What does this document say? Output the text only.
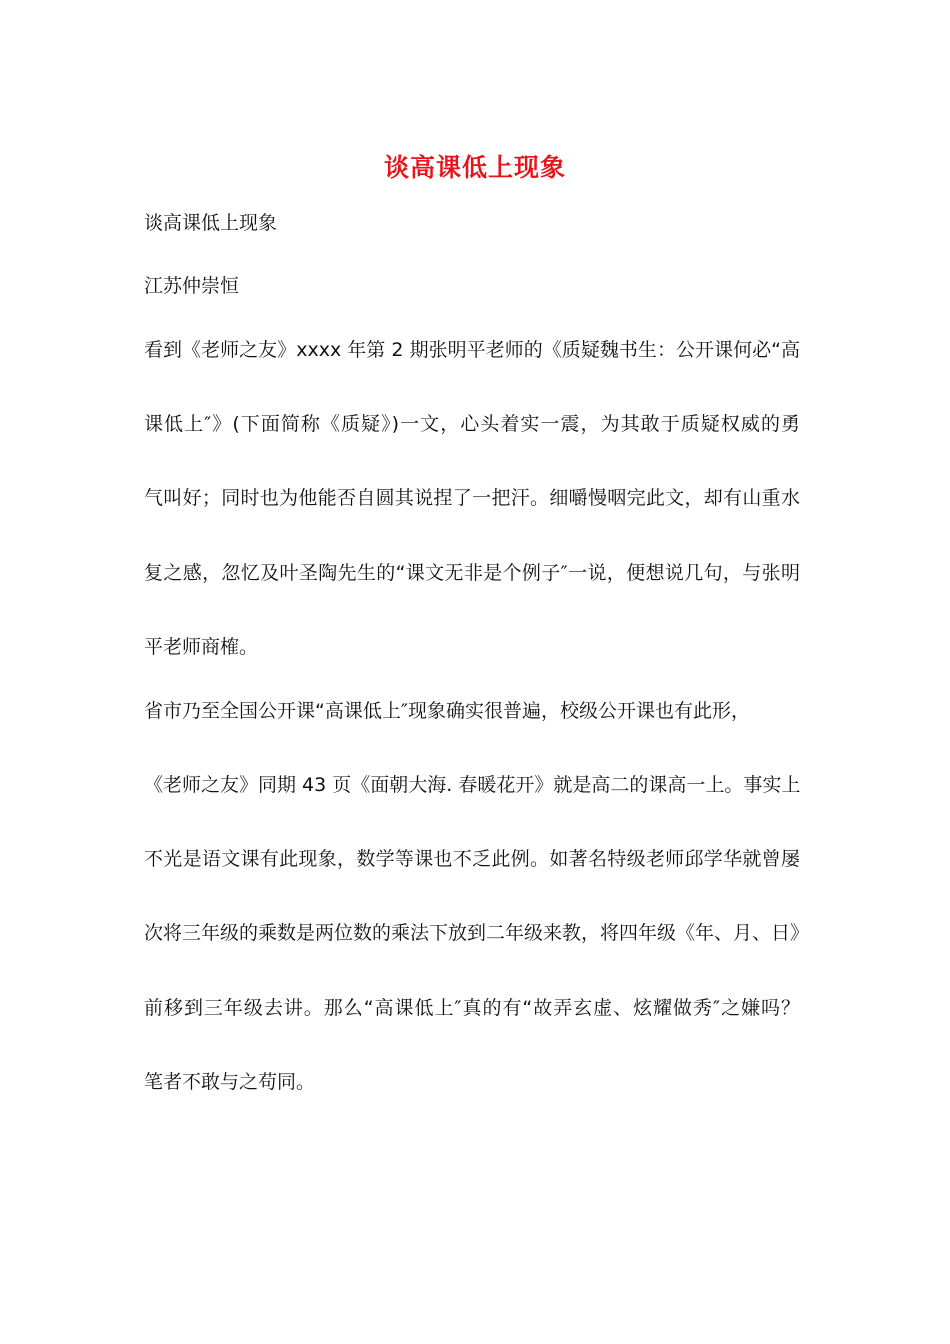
谈高课低上现象
谈高课低上现象
江苏仲崇恒
看到《老师之友》xxxx 年第 2 期张明平老师的《质疑魏书生：公开课何必“高
课低上″》(下面简称《质疑》)一文，心头着实一震，为其敢于质疑权威的勇
气叫好；同时也为他能否自圆其说捏了一把汗。细嚼慢咽完此文，却有山重水
复之感，忽忆及叶圣陶先生的“课文无非是个例子″一说，便想说几句，与张明
平老师商榷。
省市乃至全国公开课“高课低上″现象确实很普遍，校级公开课也有此形，
《老师之友》同期 43 页《面朝大海. 春暖花开》就是高二的课高一上。事实上
不光是语文课有此现象，数学等课也不乏此例。如著名特级老师邱学华就曾屡
次将三年级的乘数是两位数的乘法下放到二年级来教，将四年级《年、月、日》
前移到三年级去讲。那么“高课低上″真的有“故弄玄虚、炫耀做秀″之嫌吗？
笔者不敢与之苟同。
